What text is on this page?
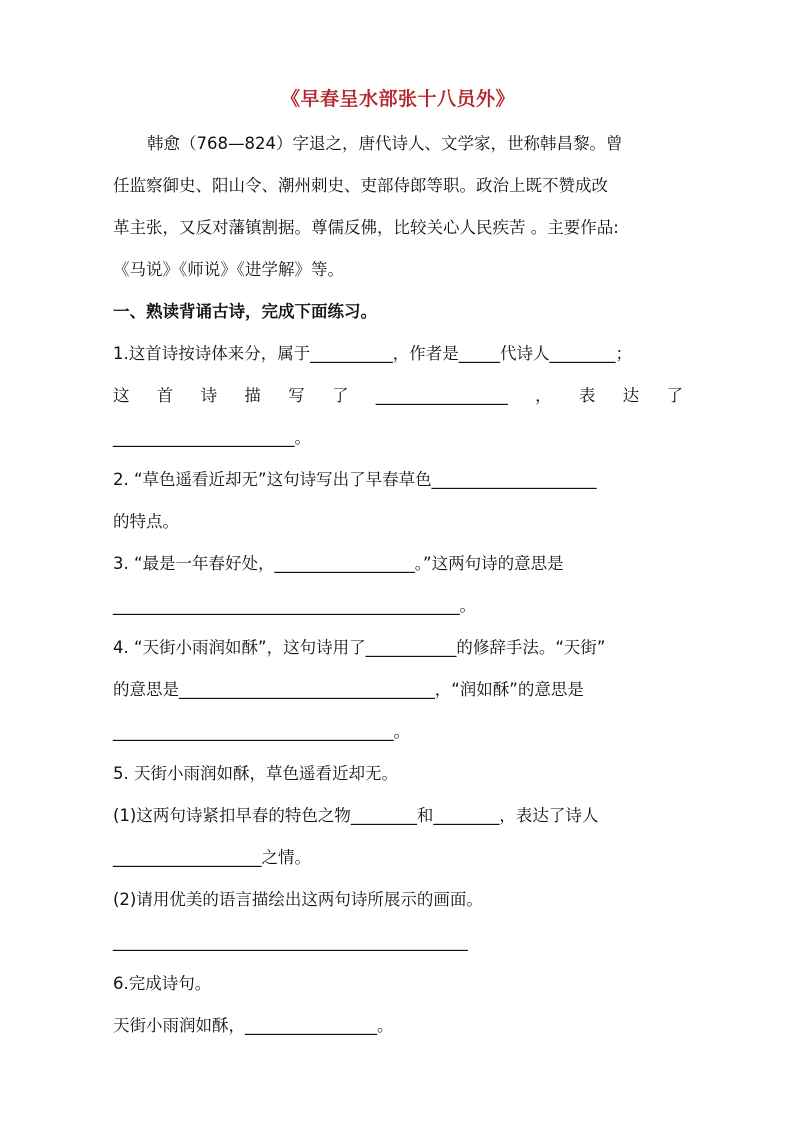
《早春呈水部张十八员外》

韩愈（768—824）字退之，唐代诗人、文学家，世称韩昌黎。曾

任监察御史、阳山令、潮州刺史、吏部侍郎等职。政治上既不赞成改

革主张，又反对藩镇割据。尊儒反佛，比较关心人民疾苦 。主要作品:

《马说》《师说》《进学解》等。

一、熟读背诵古诗，完成下面练习。

1.这首诗按诗体来分，属于__________，作者是_____代诗人________；

这 首 诗 描 写 了 ________________ ， 表 达 了

______________________。

2. “草色遥看近却无”这句诗写出了早春草色____________________

的特点。

3. “最是一年春好处，_________________。”这两句诗的意思是

__________________________________________。

4. “天街小雨润如酥”，这句诗用了___________的修辞手法。“天街”

的意思是_______________________________，“润如酥”的意思是

__________________________________。

5. 天街小雨润如酥，草色遥看近却无。

(1)这两句诗紧扣早春的特色之物________和________，表达了诗人

__________________之情。

(2)请用优美的语言描绘出这两句诗所展示的画面。

___________________________________________

6.完成诗句。

天街小雨润如酥，________________。
